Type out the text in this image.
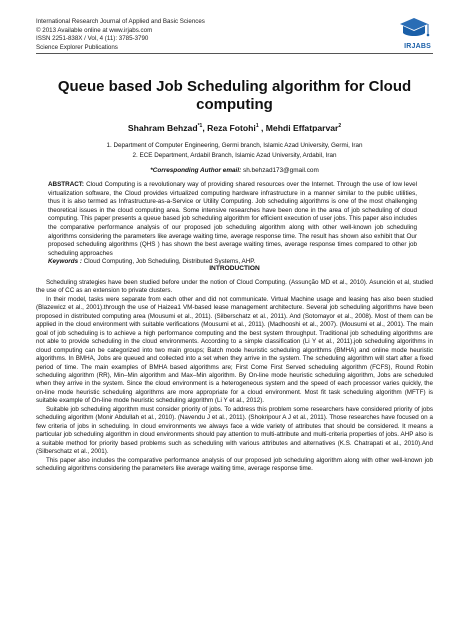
International Research Journal of Applied and Basic Sciences
© 2013 Available online at www.irjabs.com
ISSN 2251-838X / Vol, 4 (11): 3785-3790
Science Explorer Publications	IRJABS
Queue based Job Scheduling algorithm for Cloud computing
Shahram Behzad$^{*1}$, Reza Fotohi$^1$ , Mehdi Effatparvar$^2$
1. Department of Computer Engineering, Germi branch, Islamic Azad University, Germi, Iran
2. ECE Department, Ardabil Branch, Islamic Azad University, Ardabil, Iran
*Corresponding Author email: sh.behzad173@gmail.com
ABSTRACT: Cloud Computing is a revolutionary way of providing shared resources over the Internet. Through the use of low level virtualization software, the Cloud provides virtualized computing hardware infrastructure in a manner similar to the public utilities, thus it is also termed as Infrastructure-as-a-Service or Utility Computing. Job scheduling algorithms is one of the most challenging theoretical issues in the cloud computing area. Some intensive researches have been done in the area of job scheduling of cloud computing. This paper presents a queue based job scheduling algorithm for efficient execution of user jobs. This paper also includes the comparative performance analysis of our proposed job scheduling algorithm along with other well-known job scheduling algorithms considering the parameters like average waiting time, average response time. The result has shown also exhibit that Our proposed scheduling algorithms (QHS ) has shown the best average waiting times, average response times compared to other job scheduling approaches
Keywords : Cloud Computing, Job Scheduling, Distributed Systems, AHP.
INTRODUCTION

Scheduling strategies have been studied before under the notion of Cloud Computing. (Assunção MD et al., 2010). Asunción et al, studied the use of CC as an extension to private clusters.

In their model, tasks were separate from each other and did not communicate. Virtual Machine usage and leasing has also been studied (Blazewicz et al., 2001).through the use of Haizea1 VM-based lease management architecture. Several job scheduling algorithms have been proposed in distributed computing area (Mousumi et al., 2011). (Silberschatz et al., 2011). And (Sotomayor et al., 2008). Most of them can be applied in the cloud environment with suitable verifications (Mousumi et al., 2011). (Madhooshi et al., 2007). (Mousumi et al., 2001). The main goal of job scheduling is to achieve a high performance computing and the best system throughput. Traditional job scheduling algorithms are not able to provide scheduling in the cloud environments. According to a simple classification (Li Y et al., 2011).job scheduling algorithms in cloud computing can be categorized into two main groups; Batch mode heuristic scheduling algorithms (BMHA) and online mode heuristic algorithms. In BMHA, Jobs are queued and collected into a set when they arrive in the system. The scheduling algorithm will start after a fixed period of time. The main examples of BMHA based algorithms are; First Come First Served scheduling algorithm (FCFS), Round Robin scheduling algorithm (RR), Min–Min algorithm and Max–Min algorithm. By On-line mode heuristic scheduling algorithm, Jobs are scheduled when they arrive in the system. Since the cloud environment is a heterogeneous system and the speed of each processor varies quickly, the on-line mode heuristic scheduling algorithms are more appropriate for a cloud environment. Most fit task scheduling algorithm (MFTF) is suitable example of On-line mode heuristic scheduling algorithm (Li Y et al., 2012).

Suitable job scheduling algorithm must consider priority of jobs. To address this problem some researchers have considered priority of jobs scheduling algorithm (Monir Abdullah et al., 2010). (Navendu J et al., 2011). (Shokripour A J et al., 2011). Those researches have focused on a few criteria of jobs in scheduling. In cloud environments we always face a wide variety of attributes that should be considered. It means a particular job scheduling algorithm in cloud environments should pay attention to multi-attribute and multi-criteria properties of jobs. AHP also is a suitable method for priority based problems such as scheduling with various attributes and alternatives (K.S. Chatrapati et al., 2010).And (Silberschatz et al., 2001).

This paper also includes the comparative performance analysis of our proposed job scheduling algorithm along with other well-known job scheduling algorithms considering the parameters like average waiting time, average response time.
